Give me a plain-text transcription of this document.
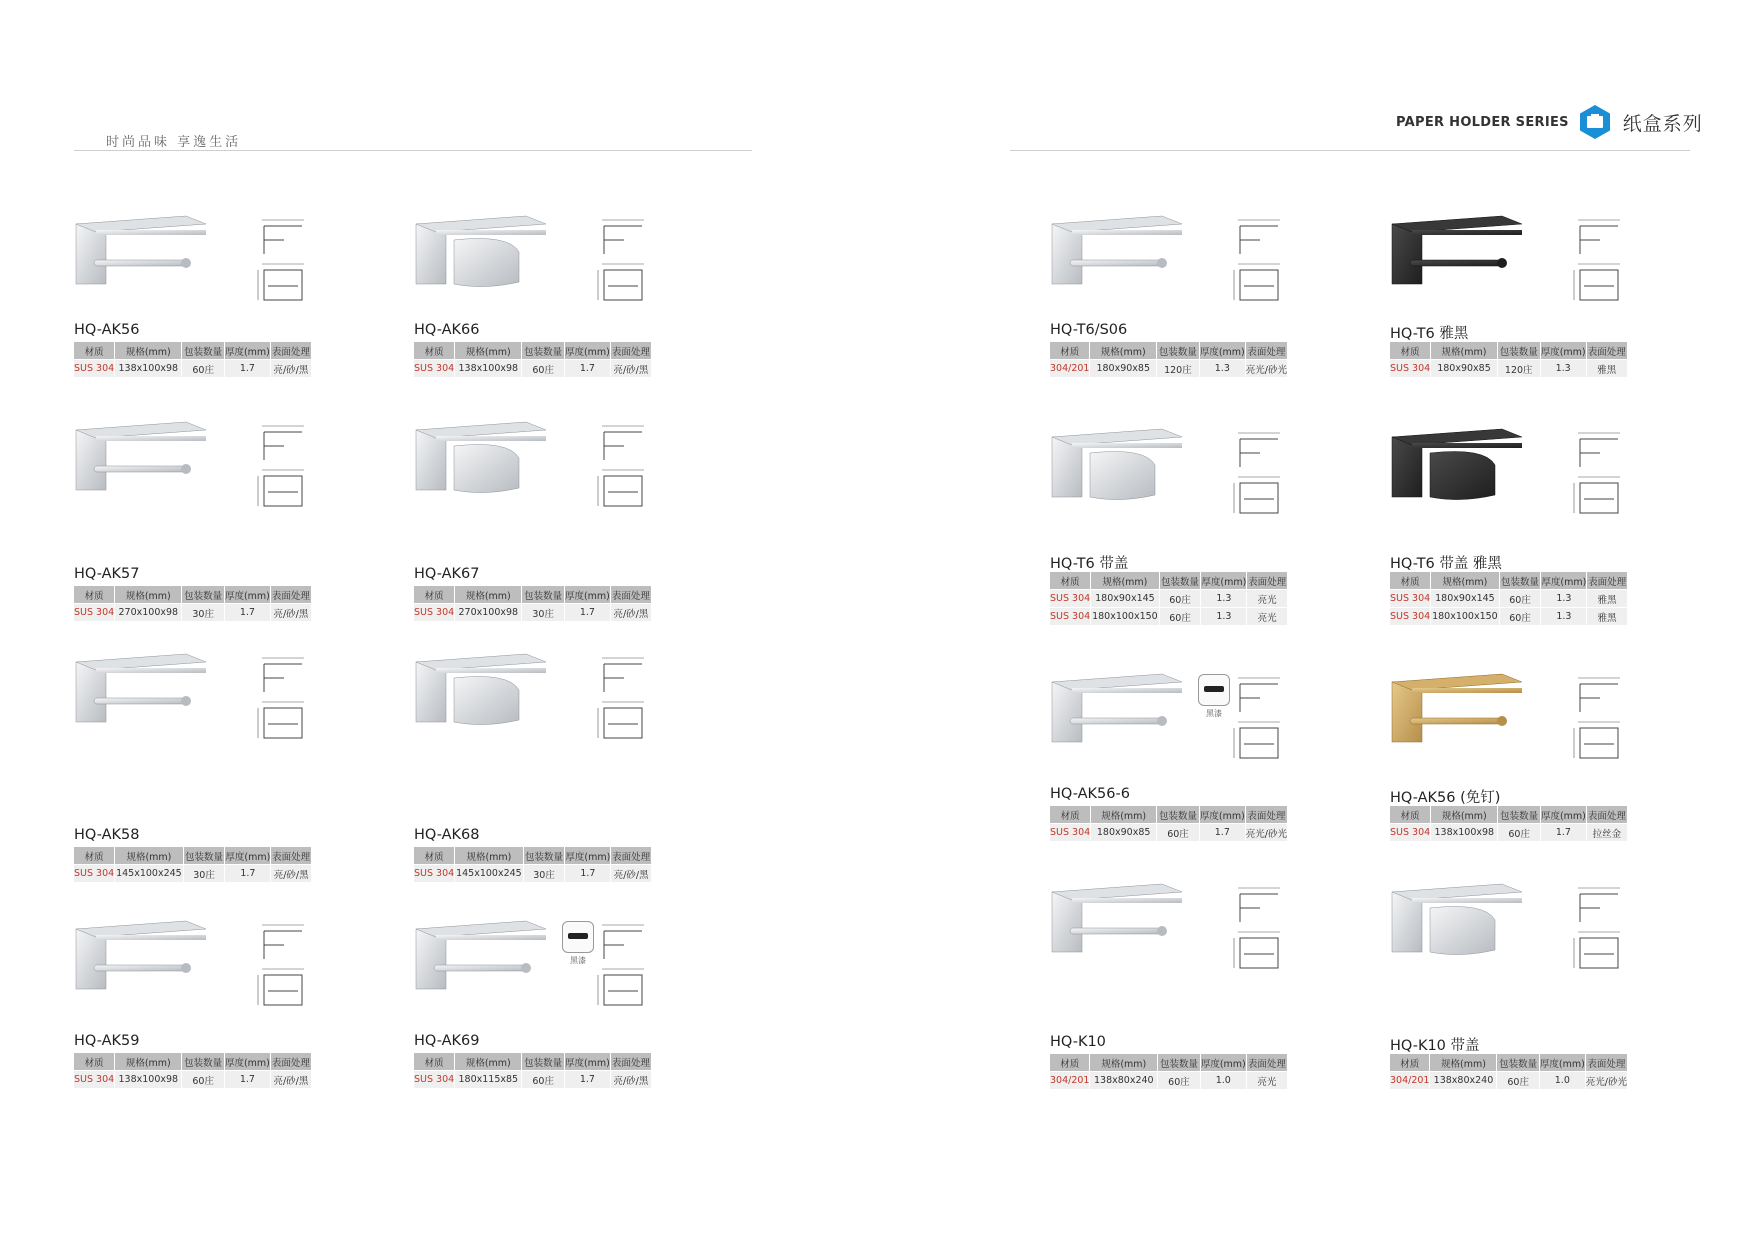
时尚品味 享逸生活
PAPER HOLDER SERIES	纸盒系列
HQ-AK56
材质	规格(mm)	包装数量	厚度(mm)	表面处理
SUS 304	138x100x98	60庄	1.7	亮/砂/黑
HQ-AK66
材质	规格(mm)	包装数量	厚度(mm)	表面处理
SUS 304	138x100x98	60庄	1.7	亮/砂/黑
HQ-AK57
材质	规格(mm)	包装数量	厚度(mm)	表面处理
SUS 304	270x100x98	30庄	1.7	亮/砂/黑
HQ-AK67
材质	规格(mm)	包装数量	厚度(mm)	表面处理
SUS 304	270x100x98	30庄	1.7	亮/砂/黑
HQ-AK58
材质	规格(mm)	包装数量	厚度(mm)	表面处理
SUS 304	145x100x245	30庄	1.7	亮/砂/黑
HQ-AK68
材质	规格(mm)	包装数量	厚度(mm)	表面处理
SUS 304	145x100x245	30庄	1.7	亮/砂/黑
HQ-AK59
材质	规格(mm)	包装数量	厚度(mm)	表面处理
SUS 304	138x100x98	60庄	1.7	亮/砂/黑
黑漆
HQ-AK69
材质	规格(mm)	包装数量	厚度(mm)	表面处理
SUS 304	180x115x85	60庄	1.7	亮/砂/黑
HQ-T6/S06
材质	规格(mm)	包装数量	厚度(mm)	表面处理
304/201	180x90x85	120庄	1.3	亮光/砂光
HQ-T6 雅黑
材质	规格(mm)	包装数量	厚度(mm)	表面处理
SUS 304	180x90x85	120庄	1.3	雅黑
HQ-T6 带盖
材质	规格(mm)	包装数量	厚度(mm)	表面处理
SUS 304	180x90x145	60庄	1.3	亮光
SUS 304	180x100x150	60庄	1.3	亮光
HQ-T6 带盖 雅黑
材质	规格(mm)	包装数量	厚度(mm)	表面处理
SUS 304	180x90x145	60庄	1.3	雅黑
SUS 304	180x100x150	60庄	1.3	雅黑
黑漆
HQ-AK56-6
材质	规格(mm)	包装数量	厚度(mm)	表面处理
SUS 304	180x90x85	60庄	1.7	亮光/砂光
HQ-AK56 (免钉)
材质	规格(mm)	包装数量	厚度(mm)	表面处理
SUS 304	138x100x98	60庄	1.7	拉丝金
HQ-K10
材质	规格(mm)	包装数量	厚度(mm)	表面处理
304/201	138x80x240	60庄	1.0	亮光
HQ-K10 带盖
材质	规格(mm)	包装数量	厚度(mm)	表面处理
304/201	138x80x240	60庄	1.0	亮光/砂光
